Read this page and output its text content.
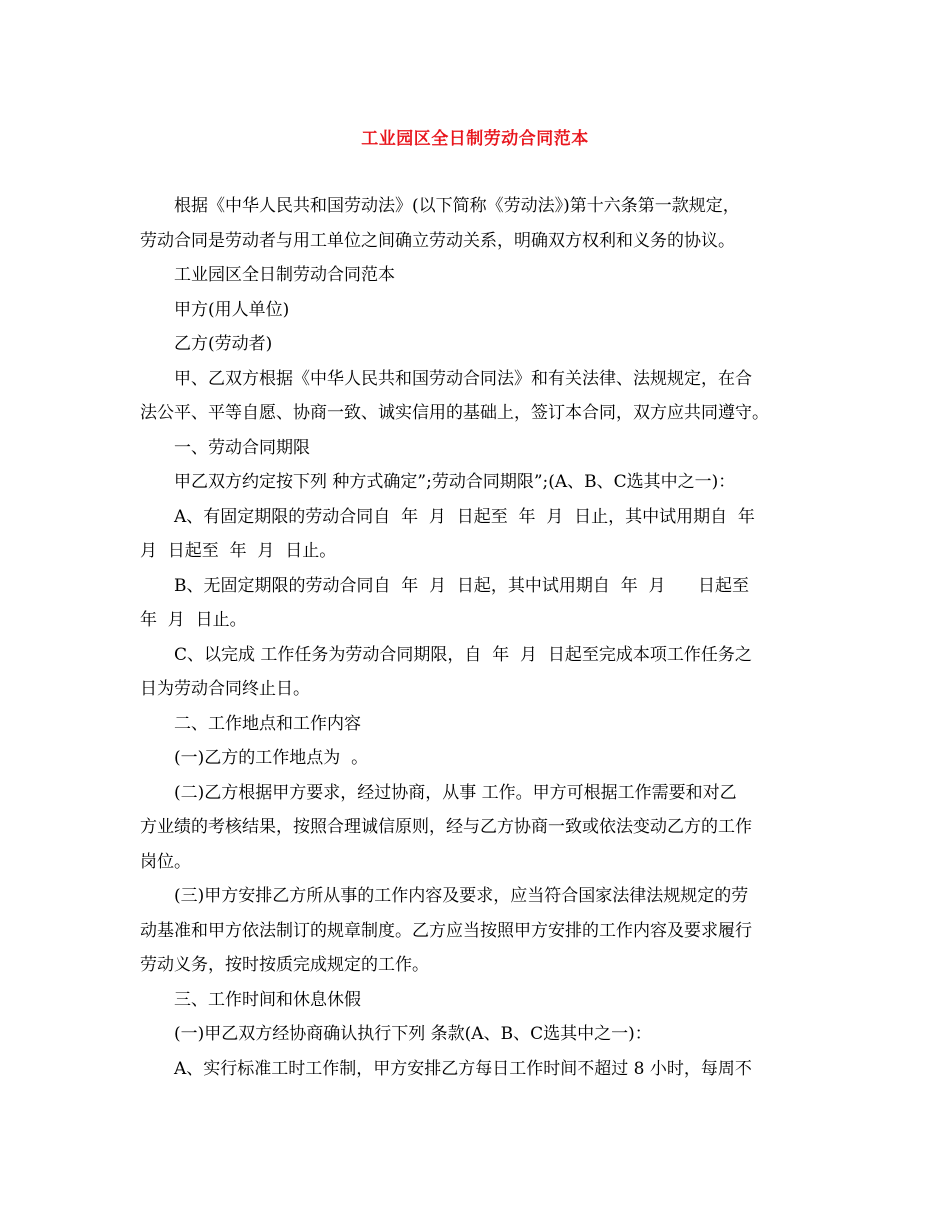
工业园区全日制劳动合同范本
根据《中华人民共和国劳动法》(以下简称《劳动法》)第十六条第一款规定，
劳动合同是劳动者与用工单位之间确立劳动关系，明确双方权利和义务的协议。
工业园区全日制劳动合同范本
甲方(用人单位)
乙方(劳动者)
甲、乙双方根据《中华人民共和国劳动合同法》和有关法律、法规规定，在合
法公平、平等自愿、协商一致、诚实信用的基础上，签订本合同，双方应共同遵守。
一、劳动合同期限
甲乙双方约定按下列 种方式确定”;劳动合同期限”;(A、B、C选其中之一)：
A、有固定期限的劳动合同自  年  月  日起至  年  月  日止，其中试用期自  年
月  日起至  年  月  日止。
B、无固定期限的劳动合同自  年  月  日起，其中试用期自  年  月      日起至
年  月  日止。
C、以完成 工作任务为劳动合同期限，自  年  月  日起至完成本项工作任务之
日为劳动合同终止日。
二、工作地点和工作内容
(一)乙方的工作地点为  。
(二)乙方根据甲方要求，经过协商，从事 工作。甲方可根据工作需要和对乙
方业绩的考核结果，按照合理诚信原则，经与乙方协商一致或依法变动乙方的工作
岗位。
(三)甲方安排乙方所从事的工作内容及要求，应当符合国家法律法规规定的劳
动基准和甲方依法制订的规章制度。乙方应当按照甲方安排的工作内容及要求履行
劳动义务，按时按质完成规定的工作。
三、工作时间和休息休假
(一)甲乙双方经协商确认执行下列 条款(A、B、C选其中之一)：
A、实行标准工时工作制，甲方安排乙方每日工作时间不超过 8 小时，每周不
